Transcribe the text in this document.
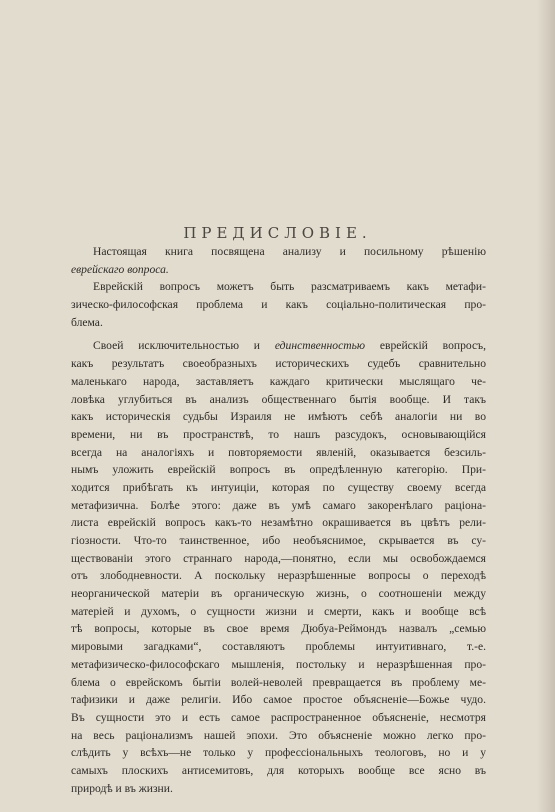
ПРЕДИСЛОВІЕ.
Настоящая книга посвящена анализу и посильному рѣшенію
еврейскаго вопроса.
Еврейскій вопросъ можетъ быть разсматриваемъ какъ метафи-
зическо-философская проблема и какъ соціально-политическая про-
блема.
Своей исключительностью и единственностью еврейскій вопросъ,
какъ результатъ своеобразныхъ историческихъ судебъ сравнительно
маленькаго народа, заставляетъ каждаго критически мыслящаго че-
ловѣка углубиться въ анализъ общественнаго бытія вообще. И такъ
какъ историческія судьбы Израиля не имѣютъ себѣ аналогіи ни во
времени, ни въ пространствѣ, то нашъ разсудокъ, основывающійся
всегда на аналогіяхъ и повторяемости явленій, оказывается безсиль-
нымъ уложить еврейскій вопросъ въ опредѣленную категорію. При-
ходится прибѣгать къ интуиціи, которая по существу своему всегда
метафизична. Болѣе этого: даже въ умѣ самаго закоренѣлаго раціона-
листа еврейскій вопросъ какъ-то незамѣтно окрашивается въ цвѣтъ рели-
гіозности. Что-то таинственное, ибо необъяснимое, скрывается въ су-
ществованіи этого страннаго народа,—понятно, если мы освобождаемся
отъ злободневности. А поскольку неразрѣшенные вопросы о переходѣ
неорганической матеріи въ органическую жизнь, о соотношеніи между
матеріей и духомъ, о сущности жизни и смерти, какъ и вообще всѣ
тѣ вопросы, которые въ свое время Дюбуа-Реймондъ назвалъ „семью
мировыми загадками“, составляютъ проблемы интуитивнаго, т.-е.
метафизическо-философскаго мышленія, постольку и неразрѣшенная про-
блема о еврейскомъ бытіи волей-неволей превращается въ проблему ме-
тафизики и даже религіи. Ибо самое простое объясненіе—Божье чудо.
Въ сущности это и есть самое распространенное объясненіе, несмотря
на весь раціонализмъ нашей эпохи. Это объясненіе можно легко про-
слѣдить у всѣхъ—не только у профессіональныхъ теологовъ, но и у
самыхъ плоскихъ антисемитовъ, для которыхъ вообще все ясно въ
природѣ и въ жизни.
